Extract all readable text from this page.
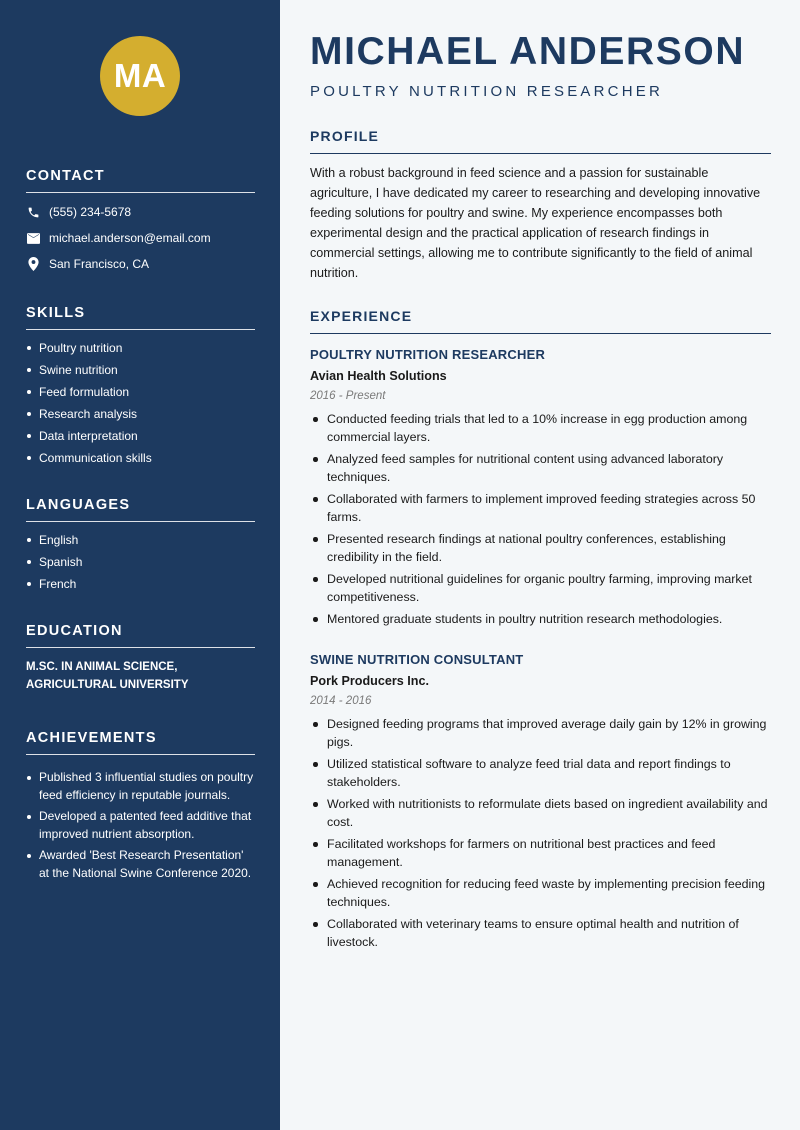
MA
CONTACT
(555) 234-5678
michael.anderson@email.com
San Francisco, CA
SKILLS
Poultry nutrition
Swine nutrition
Feed formulation
Research analysis
Data interpretation
Communication skills
LANGUAGES
English
Spanish
French
EDUCATION
M.SC. IN ANIMAL SCIENCE,
AGRICULTURAL UNIVERSITY
ACHIEVEMENTS
Published 3 influential studies on poultry feed efficiency in reputable journals.
Developed a patented feed additive that improved nutrient absorption.
Awarded 'Best Research Presentation' at the National Swine Conference 2020.
MICHAEL ANDERSON
POULTRY NUTRITION RESEARCHER
PROFILE

With a robust background in feed science and a passion for sustainable agriculture, I have dedicated my career to researching and developing innovative feeding solutions for poultry and swine. My experience encompasses both experimental design and the practical application of research findings in commercial settings, allowing me to contribute significantly to the field of animal nutrition.

EXPERIENCE
POULTRY NUTRITION RESEARCHER
Avian Health Solutions
2016 - Present
Conducted feeding trials that led to a 10% increase in egg production among commercial layers.
Analyzed feed samples for nutritional content using advanced laboratory techniques.
Collaborated with farmers to implement improved feeding strategies across 50 farms.
Presented research findings at national poultry conferences, establishing credibility in the field.
Developed nutritional guidelines for organic poultry farming, improving market competitiveness.
Mentored graduate students in poultry nutrition research methodologies.
SWINE NUTRITION CONSULTANT
Pork Producers Inc.
2014 - 2016
Designed feeding programs that improved average daily gain by 12% in growing pigs.
Utilized statistical software to analyze feed trial data and report findings to stakeholders.
Worked with nutritionists to reformulate diets based on ingredient availability and cost.
Facilitated workshops for farmers on nutritional best practices and feed management.
Achieved recognition for reducing feed waste by implementing precision feeding techniques.
Collaborated with veterinary teams to ensure optimal health and nutrition of livestock.
